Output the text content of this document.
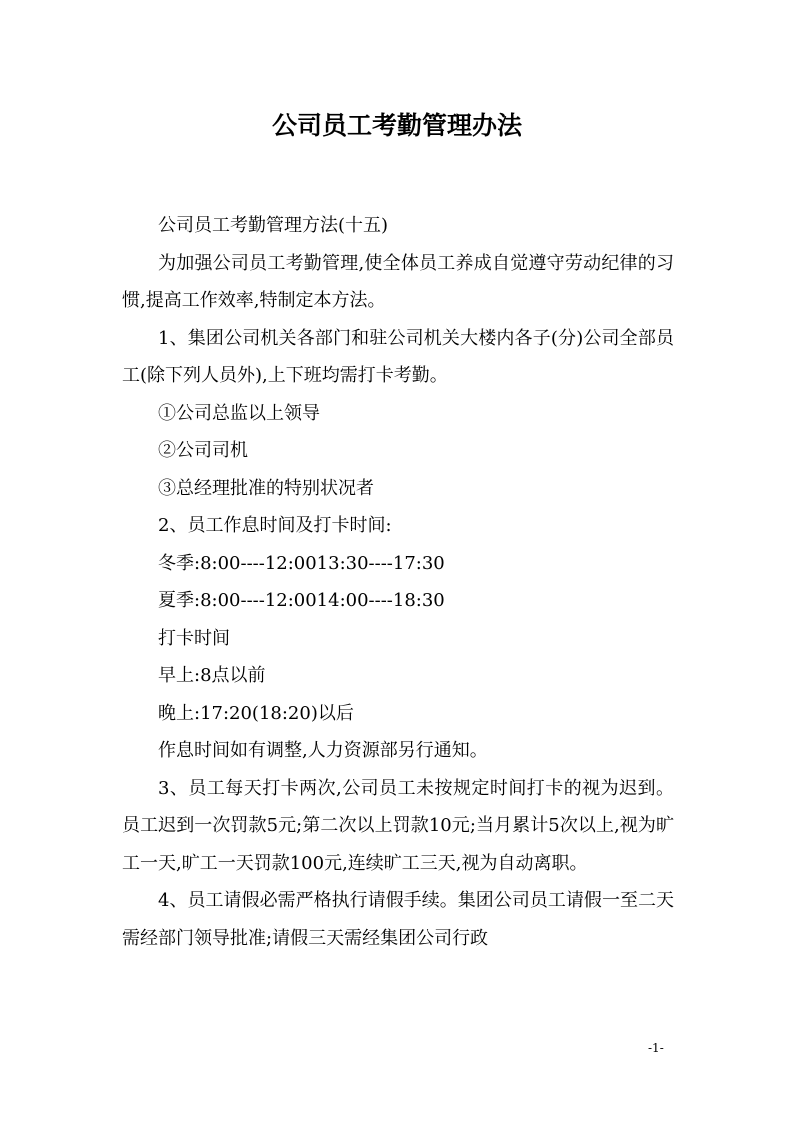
公司员工考勤管理办法

公司员工考勤管理方法(十五)

为加强公司员工考勤管理,使全体员工养成自觉遵守劳动纪律的习惯,提高工作效率,特制定本方法。

1、集团公司机关各部门和驻公司机关大楼内各子(分)公司全部员工(除下列人员外),上下班均需打卡考勤。

①公司总监以上领导

②公司司机

③总经理批准的特别状况者

2、员工作息时间及打卡时间:

冬季:8:00----12:0013:30----17:30

夏季:8:00----12:0014:00----18:30

打卡时间

早上:8点以前

晚上:17:20(18:20)以后

作息时间如有调整,人力资源部另行通知。

3、员工每天打卡两次,公司员工未按规定时间打卡的视为迟到。员工迟到一次罚款5元;第二次以上罚款10元;当月累计5次以上,视为旷工一天,旷工一天罚款100元,连续旷工三天,视为自动离职。

4、员工请假必需严格执行请假手续。集团公司员工请假一至二天需经部门领导批准;请假三天需经集团公司行政

-1-
